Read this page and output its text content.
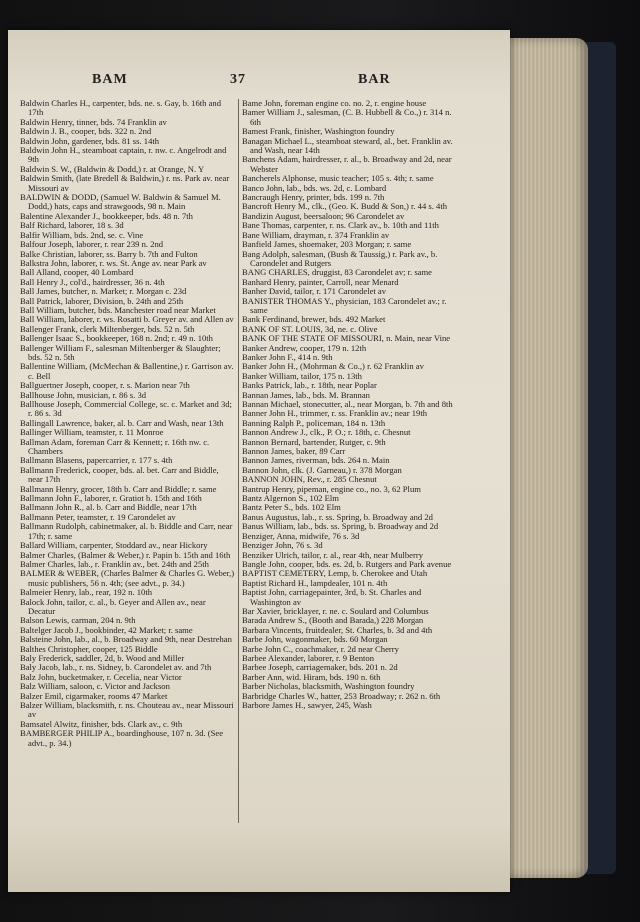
BAM	37	BAR

Baldwin Charles H., carpenter, bds. ne. s. Gay, b. 16th and 17th

Baldwin Henry, tinner, bds. 74 Franklin av

Baldwin J. B., cooper, bds. 322 n. 2nd

Baldwin John, gardener, bds. 81 ss. 14th

Baldwin John H., steamboat captain, r. nw. c. Angelrodt and 9th

Baldwin S. W., (Baldwin & Dodd,) r. at Orange, N. Y

Baldwin Smith, (late Bredell & Baldwin,) r. ns. Park av. near Missouri av

BALDWIN & DODD, (Samuel W. Baldwin & Samuel M. Dodd,) hats, caps and strawgoods, 98 n. Main

Balentine Alexander J., bookkeeper, bds. 48 n. 7th

Balf Richard, laborer, 18 s. 3d

Balfir William, bds. 2nd, se. c. Vine

Balfour Joseph, laborer, r. rear 239 n. 2nd

Balke Christian, laborer, ss. Barry b. 7th and Fulton

Balkstra John, laborer, r. ws. St. Ange av. near Park av

Ball Alland, cooper, 40 Lombard

Ball Henry J., col'd., hairdresser, 36 n. 4th

Ball James, butcher, n. Market; r. Morgan c. 23d

Ball Patrick, laborer, Division, b. 24th and 25th

Ball William, butcher, bds. Manchester road near Market

Ball William, laborer, r. ws. Rosatti b. Greyer av. and Allen av

Ballenger Frank, clerk Miltenberger, bds. 52 n. 5th

Ballenger Isaac S., bookkeeper, 168 n. 2nd; r. 49 n. 10th

Ballenger William F., salesman Miltenberger & Slaughter; bds. 52 n. 5th

Ballentine William, (McMechan & Ballentine,) r. Garrison av. c. Bell

Ballguertner Joseph, cooper, r. s. Marion near 7th

Ballhouse John, musician, r. 86 s. 3d

Ballhouse Joseph, Commercial College, sc. c. Market and 3d; r. 86 s. 3d

Ballingall Lawrence, baker, al. b. Carr and Wash, near 13th

Ballinger William, teamster, r. 11 Monroe

Ballman Adam, foreman Carr & Kennett; r. 16th nw. c. Chambers

Ballmann Blasens, papercarrier, r. 177 s. 4th

Ballmann Frederick, cooper, bds. al. bet. Carr and Biddle, near 17th

Ballmann Henry, grocer, 18th b. Carr and Biddle; r. same

Ballmann John F., laborer, r. Gratiot b. 15th and 16th

Ballmann John R., al. b. Carr and Biddle, near 17th

Ballmann Peter, teamster, r. 19 Carondelet av

Ballmann Rudolph, cabinetmaker, al. b. Biddle and Carr, near 17th; r. same

Ballard William, carpenter, Stoddard av., near Hickory

Balmer Charles, (Balmer & Weber,) r. Papin b. 15th and 16th

Balmer Charles, lab., r. Franklin av., bet. 24th and 25th

BALMER & WEBER, (Charles Balmer & Charles G. Weber,) music publishers, 56 n. 4th; (see advt., p. 34.)

Balmeier Henry, lab., rear, 192 n. 10th

Balock John, tailor, c. al., b. Geyer and Allen av., near Decatur

Balson Lewis, carman, 204 n. 9th

Baltelger Jacob J., bookbinder, 42 Market; r. same

Balsteine John, lab., al., b. Broadway and 9th, near Destrehan

Balthes Christopher, cooper, 125 Biddle

Baly Frederick, saddler, 2d, b. Wood and Miller

Baly Jacob, lab., r. ns. Sidney, b. Carondelet av. and 7th

Balz John, bucketmaker, r. Cecelia, near Victor

Balz William, saloon, c. Victor and Jackson

Balzer Emil, cigarmaker, rooms 47 Market

Balzer William, blacksmith, r. ns. Chouteau av., near Missouri av

Bamsatel Alwitz, finisher, bds. Clark av., c. 9th

BAMBERGER PHILIP A., boardinghouse, 107 n. 3d. (See advt., p. 34.)

Bame John, foreman engine co. no. 2, r. engine house

Bamer William J., salesman, (C. B. Hubbell & Co.,) r. 314 n. 6th

Bamest Frank, finisher, Washington foundry

Banagan Michael L., steamboat steward, al., bet. Franklin av. and Wash, near 14th

Banchens Adam, hairdresser, r. al., b. Broadway and 2d, near Webster

Bancherels Alphonse, music teacher; 105 s. 4th; r. same

Banco John, lab., bds. ws. 2d, c. Lombard

Bancraugh Henry, printer, bds. 199 n. 7th

Bancroft Henry M., clk., (Geo. K. Budd & Son,) r. 44 s. 4th

Bandizin August, beersaloon; 96 Carondelet av

Bane Thomas, carpenter, r. ns. Clark av., b. 10th and 11th

Bane William, drayman, r. 374 Franklin av

Banfield James, shoemaker, 203 Morgan; r. same

Bang Adolph, salesman, (Bush & Taussig,) r. Park av., b. Carondelet and Rutgers

BANG CHARLES, druggist, 83 Carondelet av; r. same

Banhard Henry, painter, Carroll, near Menard

Banher David, tailor, r. 171 Carondelet av

BANISTER THOMAS Y., physician, 183 Carondelet av.; r. same

Bank Ferdinand, brewer, bds. 492 Market

BANK OF ST. LOUIS, 3d, ne. c. Olive

BANK OF THE STATE OF MISSOURI, n. Main, near Vine

Banker Andrew, cooper, 179 n. 12th

Banker John F., 414 n. 9th

Banker John H., (Mohrman & Co.,) r. 62 Franklin av

Banker William, tailor, 175 n. 13th

Banks Patrick, lab., r. 18th, near Poplar

Bannan James, lab., bds. M. Brannan

Bannan Michael, stonecutter, al., near Morgan, b. 7th and 8th

Banner John H., trimmer, r. ss. Franklin av.; near 19th

Banning Ralph P., policeman, 184 n. 13th

Bannon Andrew J., clk., P. O.; r. 18th, c. Chesnut

Bannon Bernard, bartender, Rutger, c. 9th

Bannon James, baker, 89 Carr

Bannon James, riverman, bds. 264 n. Main

Bannon John, clk. (J. Garneau,) r. 378 Morgan

BANNON JOHN, Rev., r. 285 Chesnut

Bantrup Henry, pipeman, engine co., no. 3, 62 Plum

Bantz Algernon S., 102 Elm

Bantz Peter S., bds. 102 Elm

Banus Augustus, lab., r. ss. Spring, b. Broadway and 2d

Banus William, lab., bds. ss. Spring, b. Broadway and 2d

Benziger, Anna, midwife, 76 s. 3d

Benziger John, 76 s. 3d

Benziker Ulrich, tailor, r. al., rear 4th, near Mulberry

Bangle John, cooper, bds. es. 2d, b. Rutgers and Park avenue

BAPTIST CEMETERY, Lemp, b. Cherokee and Utah

Baptist Richard H., lampdealer, 101 n. 4th

Baptist John, carriagepainter, 3rd, b. St. Charles and Washington av

Bar Xavier, bricklayer, r. ne. c. Soulard and Columbus

Barada Andrew S., (Booth and Barada,) 228 Morgan

Barbara Vincents, fruitdealer, St. Charles, b. 3d and 4th

Barbe John, wagonmaker, bds. 60 Morgan

Barbe John C., coachmaker, r. 2d near Cherry

Barbee Alexander, laborer, r. 9 Benton

Barbee Joseph, carriagemaker, bds. 201 n. 2d

Barber Ann, wid. Hiram, bds. 190 n. 6th

Barber Nicholas, blacksmith, Washington foundry

Barbridge Charles W., hatter, 253 Broadway; r. 262 n. 6th

Barbore James H., sawyer, 245, Wash
